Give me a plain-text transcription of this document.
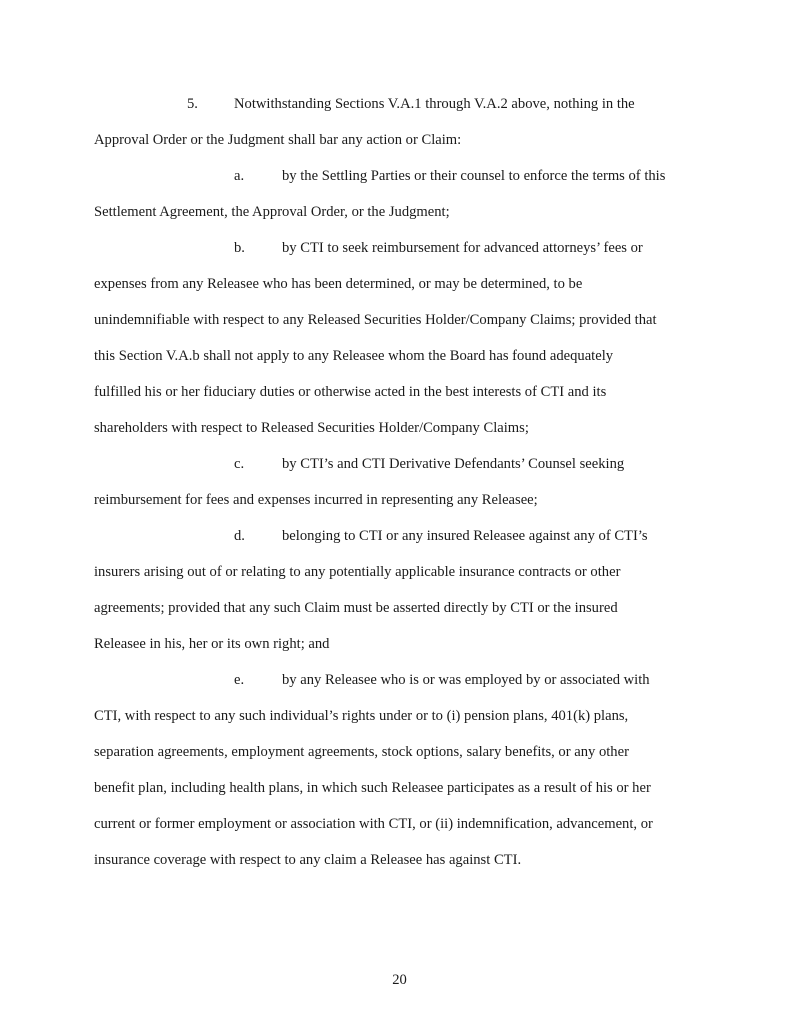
5. Notwithstanding Sections V.A.1 through V.A.2 above, nothing in the

Approval Order or the Judgment shall bar any action or Claim:

a.	by the Settling Parties or their counsel to enforce the terms of this

Settlement Agreement, the Approval Order, or the Judgment;

b.	by CTI to seek reimbursement for advanced attorneys’ fees or

expenses from any Releasee who has been determined, or may be determined, to be

unindemnifiable with respect to any Released Securities Holder/Company Claims; provided that

this Section V.A.b shall not apply to any Releasee whom the Board has found adequately

fulfilled his or her fiduciary duties or otherwise acted in the best interests of CTI and its

shareholders with respect to Released Securities Holder/Company Claims;

c.	by CTI’s and CTI Derivative Defendants’ Counsel seeking

reimbursement for fees and expenses incurred in representing any Releasee;

d.	belonging to CTI or any insured Releasee against any of CTI’s

insurers arising out of or relating to any potentially applicable insurance contracts or other

agreements; provided that any such Claim must be asserted directly by CTI or the insured

Releasee in his, her or its own right; and

e.	by any Releasee who is or was employed by or associated with

CTI, with respect to any such individual’s rights under or to (i) pension plans, 401(k) plans,

separation agreements, employment agreements, stock options, salary benefits, or any other

benefit plan, including health plans, in which such Releasee participates as a result of his or her

current or former employment or association with CTI, or (ii) indemnification, advancement, or

insurance coverage with respect to any claim a Releasee has against CTI.

20
